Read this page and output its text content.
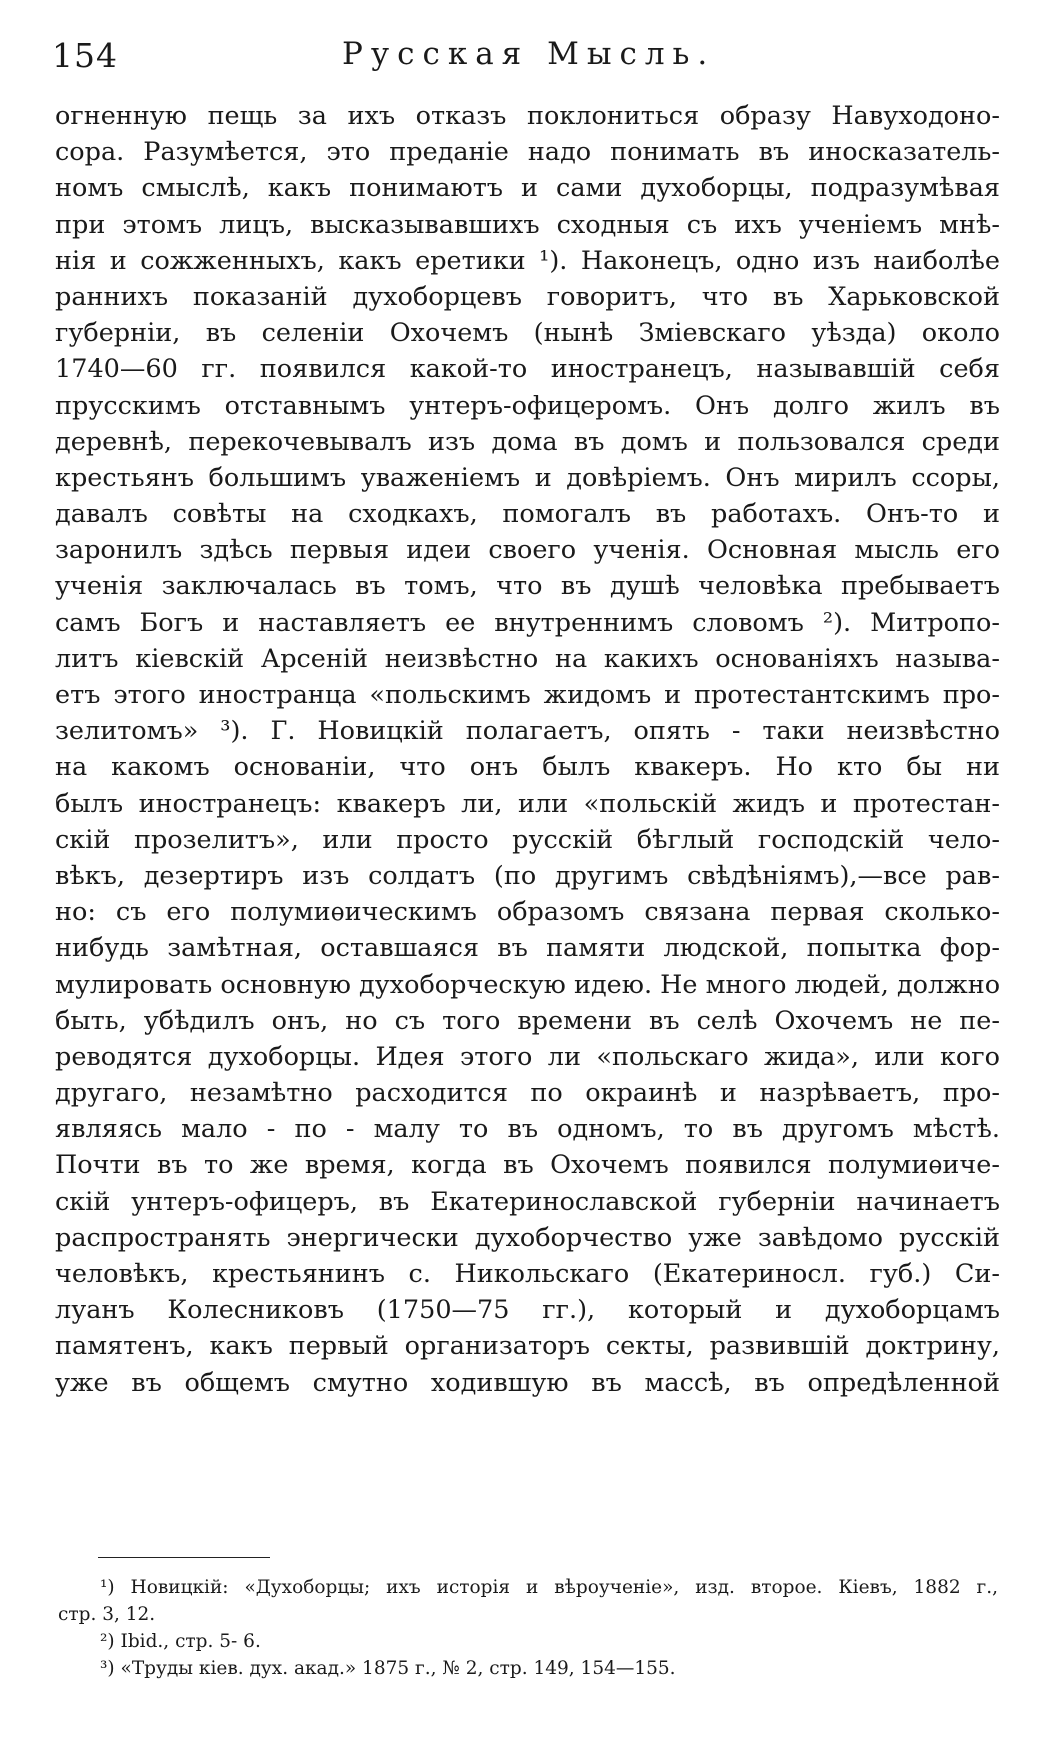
154	Русская Мысль.
огненную пещь за ихъ отказъ поклониться образу Навуходоно-
сора. Разумѣется, это преданіе надо понимать въ иносказатель-
номъ смыслѣ, какъ понимаютъ и сами духоборцы, подразумѣвая
при этомъ лицъ, высказывавшихъ сходныя съ ихъ ученіемъ мнѣ-
нія и сожженныхъ, какъ еретики ¹). Наконецъ, одно изъ наиболѣе
раннихъ показаній духоборцевъ говоритъ, что въ Харьковской
губерніи, въ селеніи Охочемъ (нынѣ Зміевскаго уѣзда) около
1740—60 гг. появился какой-то иностранецъ, называвшій себя
прусскимъ отставнымъ унтеръ-офицеромъ. Онъ долго жилъ въ
деревнѣ, перекочевывалъ изъ дома въ домъ и пользовался среди
крестьянъ большимъ уваженіемъ и довѣріемъ. Онъ мирилъ ссоры,
давалъ совѣты на сходкахъ, помогалъ въ работахъ. Онъ-то и
заронилъ здѣсь первыя идеи своего ученія. Основная мысль его
ученія заключалась въ томъ, что въ душѣ человѣка пребываетъ
самъ Богъ и наставляетъ ее внутреннимъ словомъ ²). Митропо-
литъ кіевскій Арсеній неизвѣстно на какихъ основаніяхъ называ-
етъ этого иностранца «польскимъ жидомъ и протестантскимъ про-
зелитомъ» ³). Г. Новицкій полагаетъ, опять - таки неизвѣстно
на какомъ основаніи, что онъ былъ квакеръ. Но кто бы ни
былъ иностранецъ: квакеръ ли, или «польскій жидъ и протестан-
скій прозелитъ», или просто русскій бѣглый господскій чело-
вѣкъ, дезертиръ изъ солдатъ (по другимъ свѣдѣніямъ),—все рав-
но: съ его полумиѳическимъ образомъ связана первая сколько-
нибудь замѣтная, оставшаяся въ памяти людской, попытка фор-
мулировать основную духоборческую идею. Не много людей, должно
быть, убѣдилъ онъ, но съ того времени въ селѣ Охочемъ не пе-
реводятся духоборцы. Идея этого ли «польскаго жида», или кого
другаго, незамѣтно расходится по окраинѣ и назрѣваетъ, про-
являясь мало - по - малу то въ одномъ, то въ другомъ мѣстѣ.
Почти въ то же время, когда въ Охочемъ появился полумиѳиче-
скій унтеръ-офицеръ, въ Екатеринославской губерніи начинаетъ
распространять энергически духоборчество уже завѣдомо русскій
человѣкъ, крестьянинъ с. Никольскаго (Екатериносл. губ.) Си-
луанъ Колесниковъ (1750—75 гг.), который и духоборцамъ
памятенъ, какъ первый организаторъ секты, развившій доктрину,
уже въ общемъ смутно ходившую въ массѣ, въ опредѣленной
¹) Новицкій: «Духоборцы; ихъ исторія и вѣроученіе», изд. второе. Кіевъ, 1882 г.,
стр. 3, 12.
²) Ibid., стр. 5- 6.
³) «Труды кіев. дух. акад.» 1875 г., № 2, стр. 149, 154—155.
